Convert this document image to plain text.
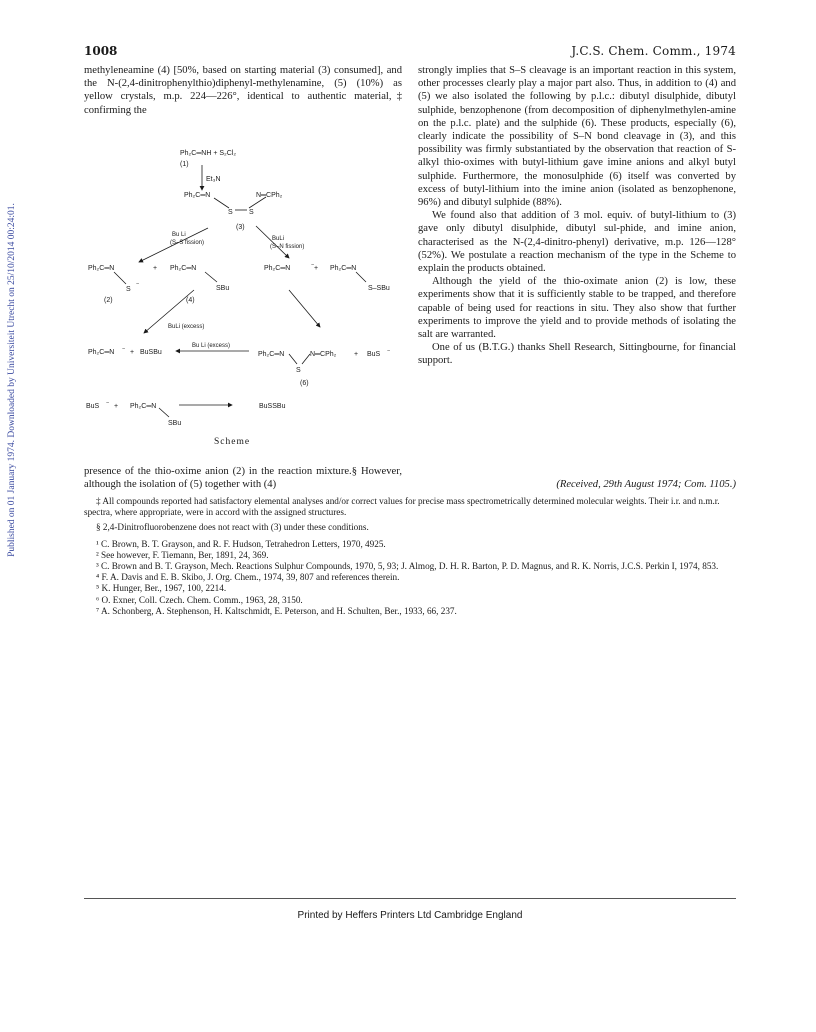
Published on 01 January 1974. Downloaded by Universiteit Utrecht on 25/10/2014 00:24:01.
1008	J.C.S. Chem. Comm., 1974

methyleneamine (4) [50%, based on starting material (3) consumed], and the N-(2,4-dinitrophenylthio)diphenyl-methylenamine, (5) (10%) as yellow crystals, m.p. 224—226°, identical to authentic material,‡ confirming the

Ph₂C═NH + S₂Cl₂
(1)
Et₃N
Ph₂C═N	N═CPh₂
S S
(3)
Bu Li
(S–S fission)
BuLi
(S–N fission)
Ph₂C═N
S
+ Ph₂C═N
SBu
(2)	(4)
Ph₂C═N	+ Ph₂C═N
S–SBu
BuLi (excess)
Ph₂C═N + BuSBu
Bu Li (excess)
Ph₂C═N	N═CPh₂	+ BuS
S
(6)
BuS + Ph₂C═N
SBu
BuSSBu
−
−
−
−
−
Scheme
presence of the thio-oxime anion (2) in the reaction mixture.§ However, although the isolation of (5) together with (4)

strongly implies that S–S cleavage is an important reaction in this system, other processes clearly play a major part also. Thus, in addition to (4) and (5) we also isolated the following by p.l.c.: dibutyl disulphide, dibutyl sulphide, benzophenone (from decomposition of diphenylmethylen-amine on the p.l.c. plate) and the sulphide (6). These products, especially (6), clearly indicate the possibility of S–N bond cleavage in (3), and this possibility was firmly substantiated by the observation that reaction of S-alkyl thio-oximes with butyl-lithium gave imine anions and alkyl butyl sulphide. Furthermore, the monosulphide (6) itself was converted by excess of butyl-lithium into the imine anion (isolated as benzophenone, 96%) and dibutyl sulphide (88%).

We found also that addition of 3 mol. equiv. of butyl-lithium to (3) gave only dibutyl disulphide, dibutyl sul-phide, and imine anion, characterised as the N-(2,4-dinitro-phenyl) derivative, m.p. 126—128° (52%). We postulate a reaction mechanism of the type in the Scheme to explain the products obtained.

Although the yield of the thio-oximate anion (2) is low, these experiments show that it is sufficiently stable to be trapped, and therefore capable of being used for reactions in situ. They also show that further experiments to improve the yield and to provide methods of isolating the salt are warranted.

One of us (B.T.G.) thanks Shell Research, Sittingbourne, for financial support.

(Received, 29th August 1974; Com. 1105.)

‡ All compounds reported had satisfactory elemental analyses and/or correct values for precise mass spectrometrically determined molecular weights. Their i.r. and n.m.r. spectra, where appropriate, were in accord with the assigned structures.

§ 2,4-Dinitrofluorobenzene does not react with (3) under these conditions.

¹ C. Brown, B. T. Grayson, and R. F. Hudson, Tetrahedron Letters, 1970, 4925.

² See however, F. Tiemann, Ber, 1891, 24, 369.

³ C. Brown and B. T. Grayson, Mech. Reactions Sulphur Compounds, 1970, 5, 93; J. Almog, D. H. R. Barton, P. D. Magnus, and R. K. Norris, J.C.S. Perkin I, 1974, 853.

⁴ F. A. Davis and E. B. Skibo, J. Org. Chem., 1974, 39, 807 and references therein.

⁵ K. Hunger, Ber., 1967, 100, 2214.

⁶ O. Exner, Coll. Czech. Chem. Comm., 1963, 28, 3150.

⁷ A. Schonberg, A. Stephenson, H. Kaltschmidt, E. Peterson, and H. Schulten, Ber., 1933, 66, 237.

Printed by Heffers Printers Ltd Cambridge England
